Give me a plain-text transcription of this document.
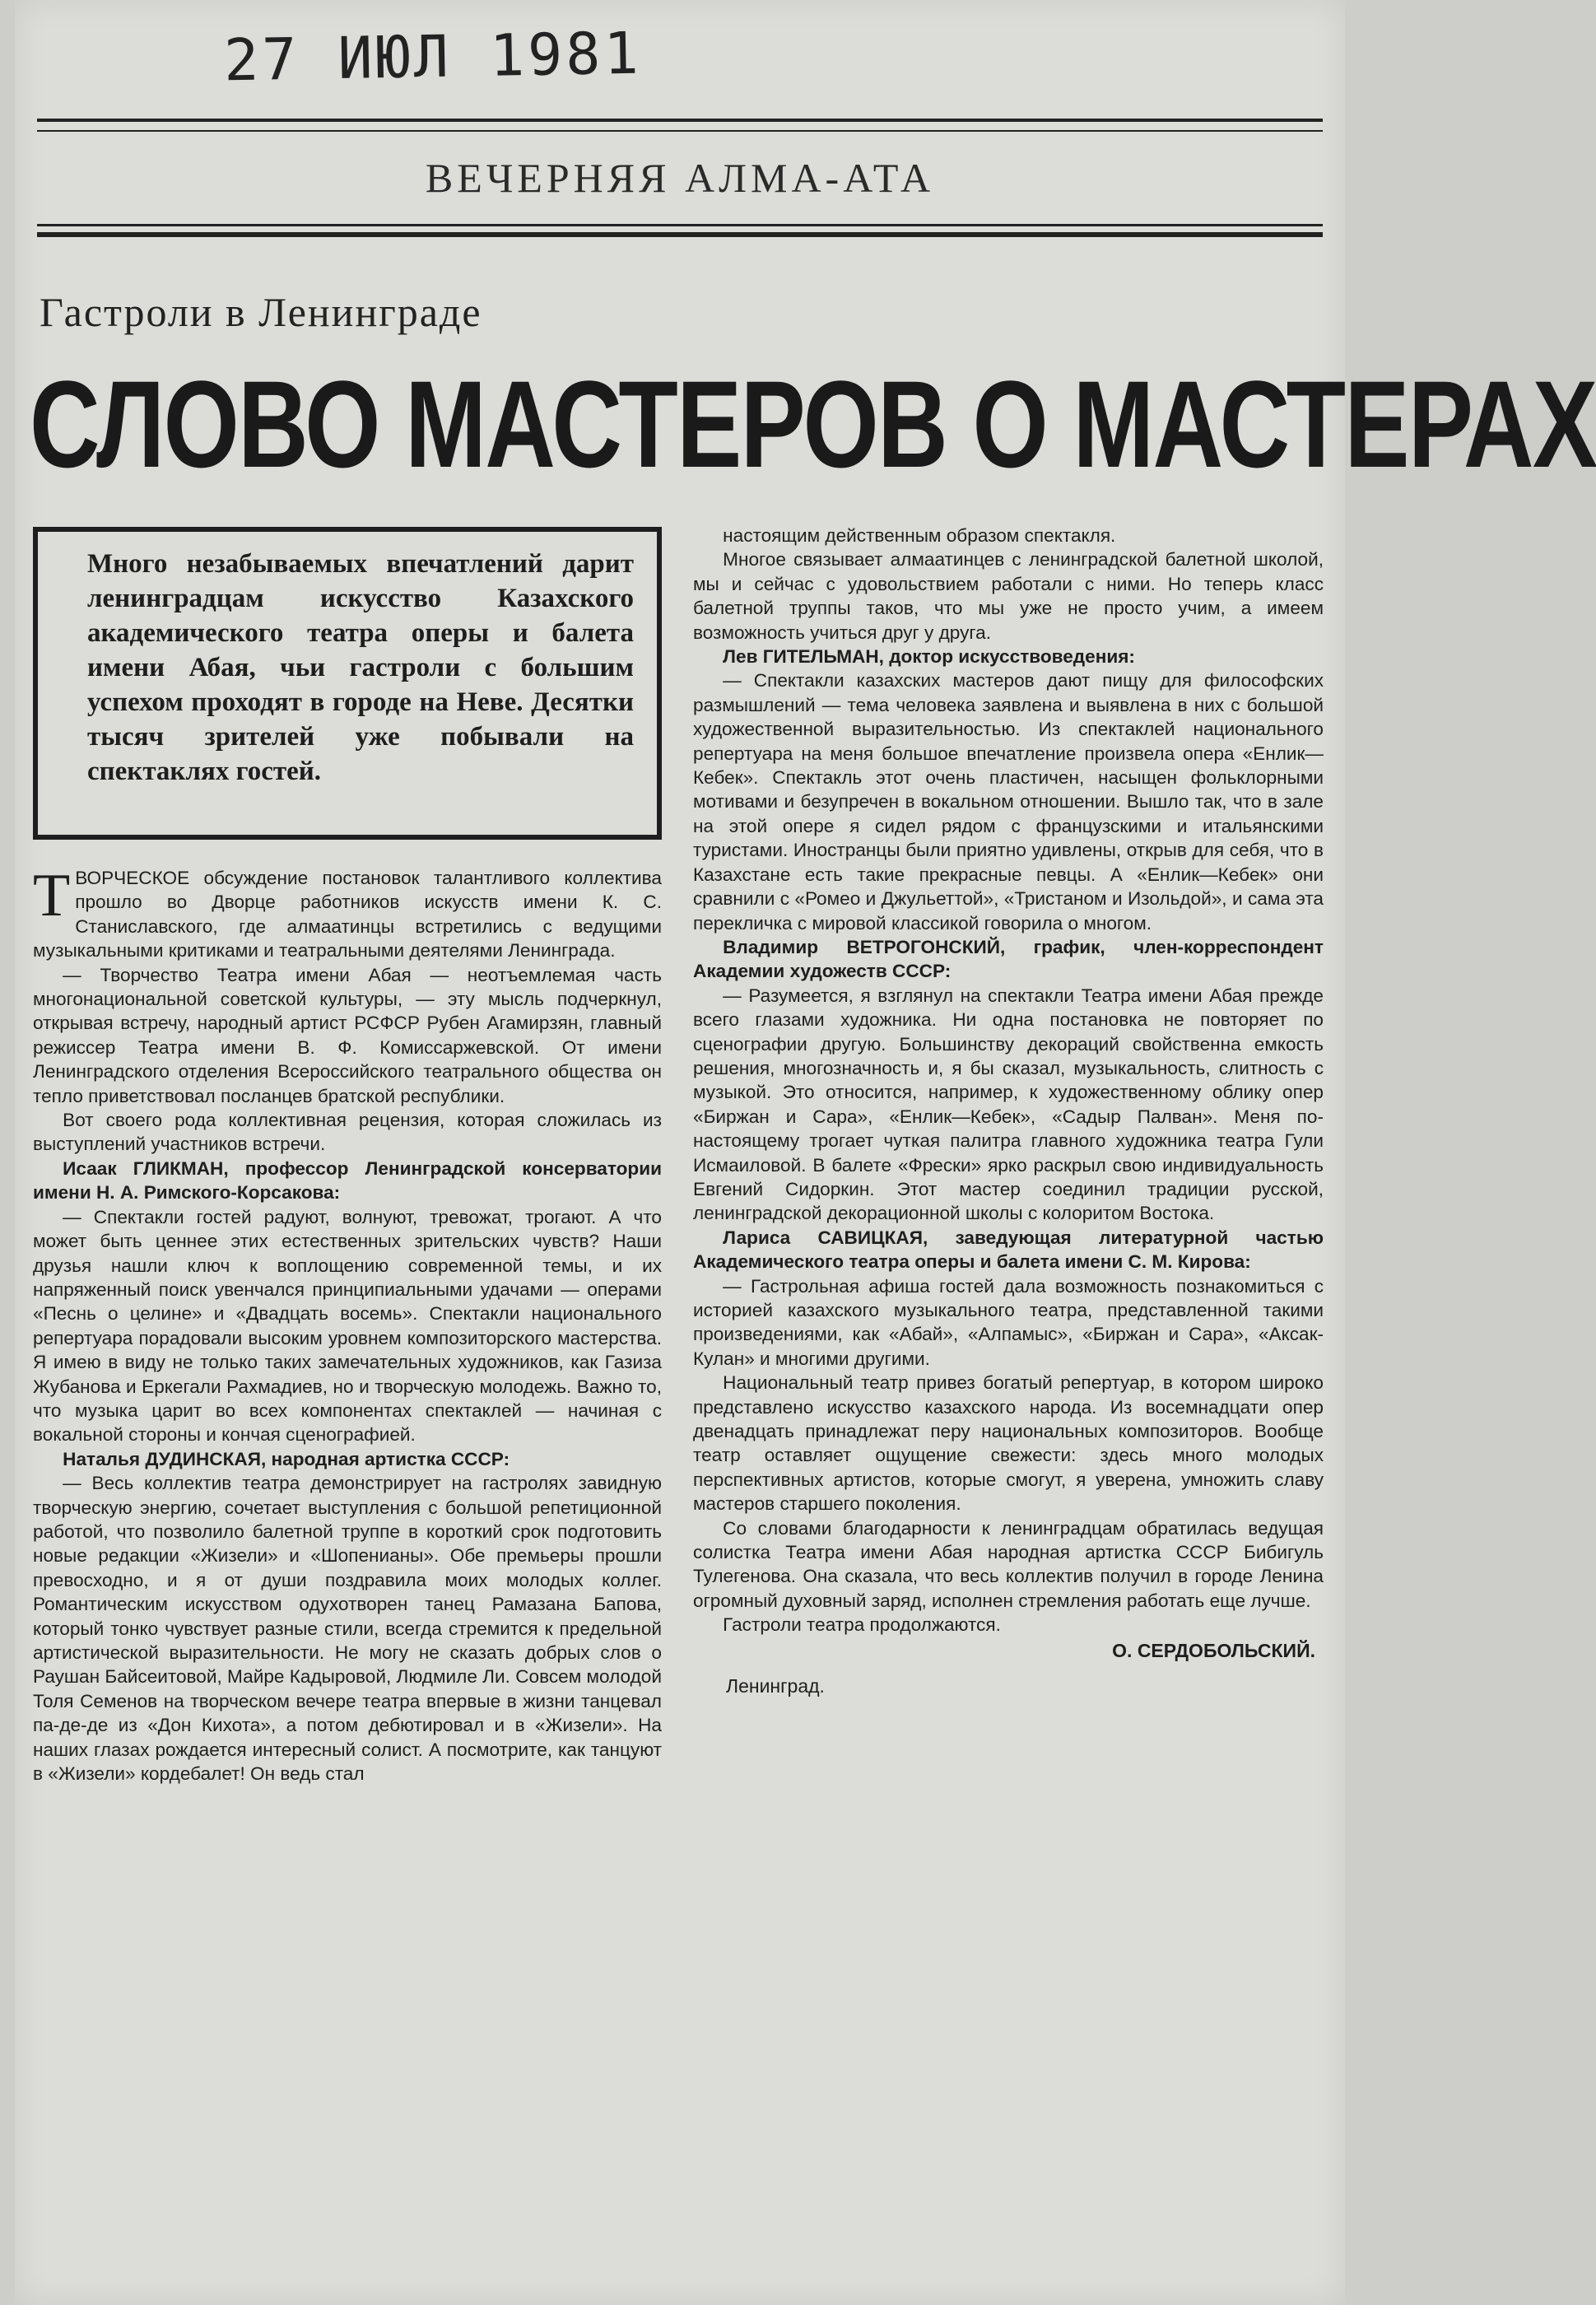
27 ИЮЛ 1981
ВЕЧЕРНЯЯ АЛМА-АТА
Гастроли в Ленинграде
СЛОВО МАСТЕРОВ О МАСТЕРАХ
Много незабываемых впечатлений дарит ленинградцам искусство Казахского академического театра оперы и балета имени Абая, чьи гастроли с большим успехом проходят в городе на Неве. Десятки тысяч зрителей уже побывали на спектаклях гостей.

ТВОРЧЕСКОЕ обсуждение постановок талантливого коллектива прошло во Дворце работников искусств имени К. С. Станиславского, где алмаатинцы встретились с ведущими музыкальными критиками и театральными деятелями Ленинграда.

— Творчество Театра имени Абая — неотъемлемая часть многонациональной советской культуры, — эту мысль подчеркнул, открывая встречу, народный артист РСФСР Рубен Агамирзян, главный режиссер Театра имени В. Ф. Комиссаржевской. От имени Ленинградского отделения Всероссийского театрального общества он тепло приветствовал посланцев братской республики.

Вот своего рода коллективная рецензия, которая сложилась из выступлений участников встречи.

Исаак ГЛИКМАН, профессор Ленинградской консерватории имени Н. А. Римского-Корсакова:

— Спектакли гостей радуют, волнуют, тревожат, трогают. А что может быть ценнее этих естественных зрительских чувств? Наши друзья нашли ключ к воплощению современной темы, и их напряженный поиск увенчался принципиальными удачами — операми «Песнь о целине» и «Двадцать восемь». Спектакли национального репертуара порадовали высоким уровнем композиторского мастерства. Я имею в виду не только таких замечательных художников, как Газиза Жубанова и Еркегали Рахмадиев, но и творческую молодежь. Важно то, что музыка царит во всех компонентах спектаклей — начиная с вокальной стороны и кончая сценографией.

Наталья ДУДИНСКАЯ, народная артистка СССР:

— Весь коллектив театра демонстрирует на гастролях завидную творческую энергию, сочетает выступления с большой репетиционной работой, что позволило балетной труппе в короткий срок подготовить новые редакции «Жизели» и «Шопенианы». Обе премьеры прошли превосходно, и я от души поздравила моих молодых коллег. Романтическим искусством одухотворен танец Рамазана Бапова, который тонко чувствует разные стили, всегда стремится к предельной артистической выразительности. Не могу не сказать добрых слов о Раушан Байсеитовой, Майре Кадыровой, Людмиле Ли. Совсем молодой Толя Семенов на творческом вечере театра впервые в жизни танцевал па-де-де из «Дон Кихота», а потом дебютировал и в «Жизели». На наших глазах рождается интересный солист. А посмотрите, как танцуют в «Жизели» кордебалет! Он ведь стал

настоящим действенным образом спектакля.

Многое связывает алмаатинцев с ленинградской балетной школой, мы и сейчас с удовольствием работали с ними. Но теперь класс балетной труппы таков, что мы уже не просто учим, а имеем возможность учиться друг у друга.

Лев ГИТЕЛЬМАН, доктор искусствоведения:

— Спектакли казахских мастеров дают пищу для философских размышлений — тема человека заявлена и выявлена в них с большой художественной выразительностью. Из спектаклей национального репертуара на меня большое впечатление произвела опера «Енлик—Кебек». Спектакль этот очень пластичен, насыщен фольклорными мотивами и безупречен в вокальном отношении. Вышло так, что в зале на этой опере я сидел рядом с французскими и итальянскими туристами. Иностранцы были приятно удивлены, открыв для себя, что в Казахстане есть такие прекрасные певцы. А «Енлик—Кебек» они сравнили с «Ромео и Джульеттой», «Тристаном и Изольдой», и сама эта перекличка с мировой классикой говорила о многом.

Владимир ВЕТРОГОНСКИЙ, график, член-корреспондент Академии художеств СССР:

— Разумеется, я взглянул на спектакли Театра имени Абая прежде всего глазами художника. Ни одна постановка не повторяет по сценографии другую. Большинству декораций свойственна емкость решения, многозначность и, я бы сказал, музыкальность, слитность с музыкой. Это относится, например, к художественному облику опер «Биржан и Сара», «Енлик—Кебек», «Садыр Палван». Меня по-настоящему трогает чуткая палитра главного художника театра Гули Исмаиловой. В балете «Фрески» ярко раскрыл свою индивидуальность Евгений Сидоркин. Этот мастер соединил традиции русской, ленинградской декорационной школы с колоритом Востока.

Лариса САВИЦКАЯ, заведующая литературной частью Академического театра оперы и балета имени С. М. Кирова:

— Гастрольная афиша гостей дала возможность познакомиться с историей казахского музыкального театра, представленной такими произведениями, как «Абай», «Алпамыс», «Биржан и Сара», «Аксак-Кулан» и многими другими.

Национальный театр привез богатый репертуар, в котором широко представлено искусство казахского народа. Из восемнадцати опер двенадцать принадлежат перу национальных композиторов. Вообще театр оставляет ощущение свежести: здесь много молодых перспективных артистов, которые смогут, я уверена, умножить славу мастеров старшего поколения.

Со словами благодарности к ленинградцам обратилась ведущая солистка Театра имени Абая народная артистка СССР Бибигуль Тулегенова. Она сказала, что весь коллектив получил в городе Ленина огромный духовный заряд, исполнен стремления работать еще лучше.

Гастроли театра продолжаются.

О. СЕРДОБОЛЬСКИЙ.
Ленинград.
